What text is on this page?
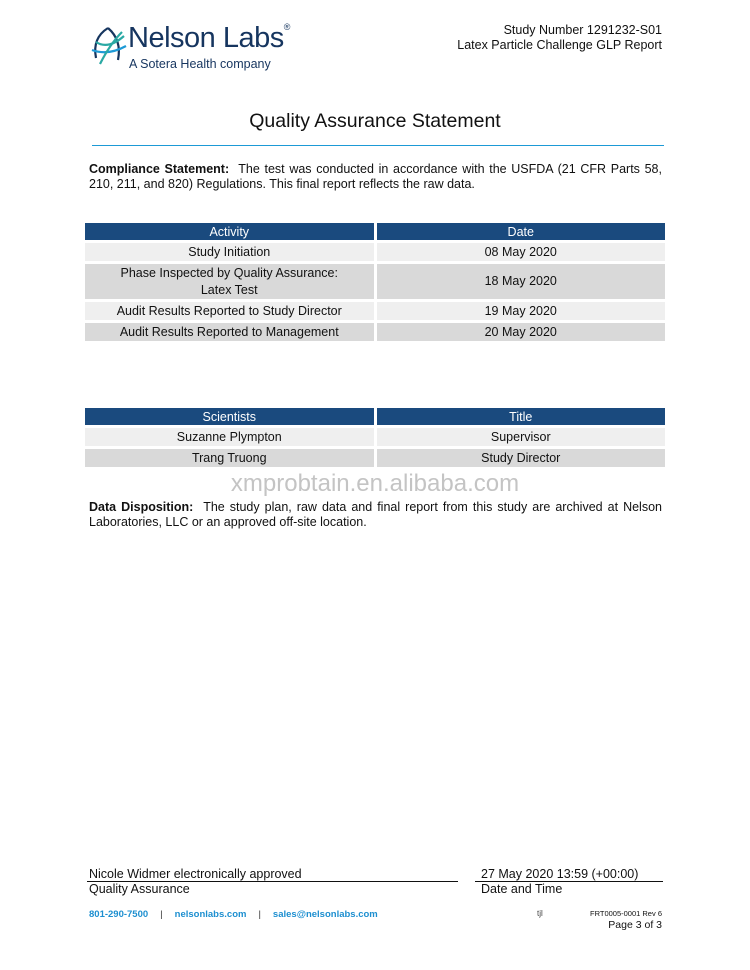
Nelson Labs®
A Sotera Health company
Study Number 1291232-S01
Latex Particle Challenge GLP Report
Quality Assurance Statement
Compliance Statement: The test was conducted in accordance with the USFDA (21 CFR Parts 58, 210, 211, and 820) Regulations. This final report reflects the raw data.
Activity	Date
Study Initiation	08 May 2020

Phase Inspected by Quality Assurance:
Latex Test	18 May 2020
Audit Results Reported to Study Director	19 May 2020
Audit Results Reported to Management	20 May 2020
Scientists	Title
Suzanne Plympton	Supervisor
Trang Truong	Study Director
xmprobtain.en.alibaba.com
Data Disposition: The study plan, raw data and final report from this study are archived at Nelson Laboratories, LLC or an approved off-site location.
Nicole Widmer electronically approved
Quality Assurance
27 May 2020 13:59 (+00:00)
Date and Time
801-290-7500 | nelsonlabs.com | sales@nelsonlabs.com	tjl	FRT0005-0001 Rev 6
Page 3 of 3
